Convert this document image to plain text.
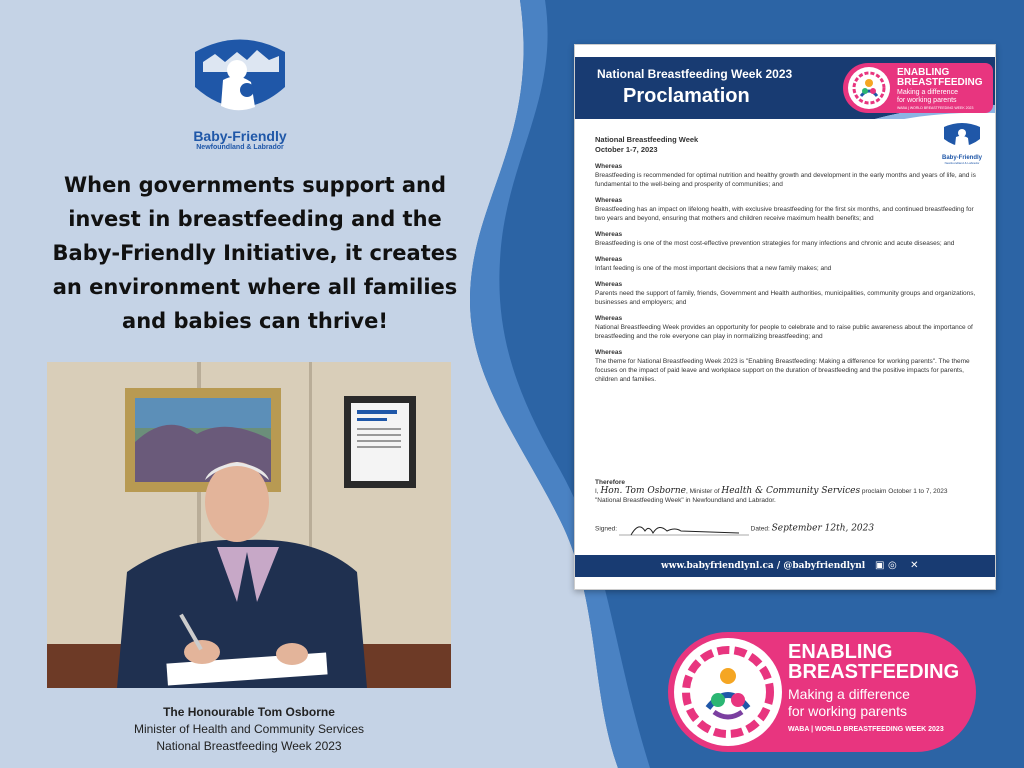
Baby-Friendly
Newfoundland & Labrador
When governments support and invest in breastfeeding and the Baby-Friendly Initiative, it creates an environment where all families and babies can thrive!
The Honourable Tom Osborne
Minister of Health and Community Services
National Breastfeeding Week 2023
National Breastfeeding Week 2023
Proclamation
ENABLING
BREASTFEEDING
Making a difference
for working parents
WABA | WORLD BREASTFEEDING WEEK 2023
Baby-Friendly
Newfoundland & Labrador
National Breastfeeding Week
October 1-7, 2023
Whereas
Breastfeeding is recommended for optimal nutrition and healthy growth and development in the early months and years of life, and is fundamental to the well-being and prosperity of communities; and
Whereas
Breastfeeding has an impact on lifelong health, with exclusive breastfeeding for the first six months, and continued breastfeeding for two years and beyond, ensuring that mothers and children receive maximum health benefits; and
Whereas
Breastfeeding is one of the most cost-effective prevention strategies for many infections and chronic and acute diseases; and
Whereas
Infant feeding is one of the most important decisions that a new family makes; and
Whereas
Parents need the support of family, friends, Government and Health authorities, municipalities, community groups and organizations, businesses and employers; and
Whereas
National Breastfeeding Week provides an opportunity for people to celebrate and to raise public awareness about the importance of breastfeeding and the role everyone can play in normalizing breastfeeding; and
Whereas
The theme for National Breastfeeding Week 2023 is "Enabling Breastfeeding: Making a difference for working parents". The theme focuses on the impact of paid leave and workplace support on the duration of breastfeeding and the positive impacts for parents, children and families.
Therefore
I, Hon. Tom Osborne, Minister of Health & Community Services proclaim October 1 to 7, 2023
"National Breastfeeding Week" in Newfoundland and Labrador.
Signed:	Dated: September 12th, 2023
www.babyfriendlynl.ca / @babyfriendlynl ▣ ◎ ✕
ENABLING
BREASTFEEDING
Making a difference
for working parents
WABA | WORLD BREASTFEEDING WEEK 2023
